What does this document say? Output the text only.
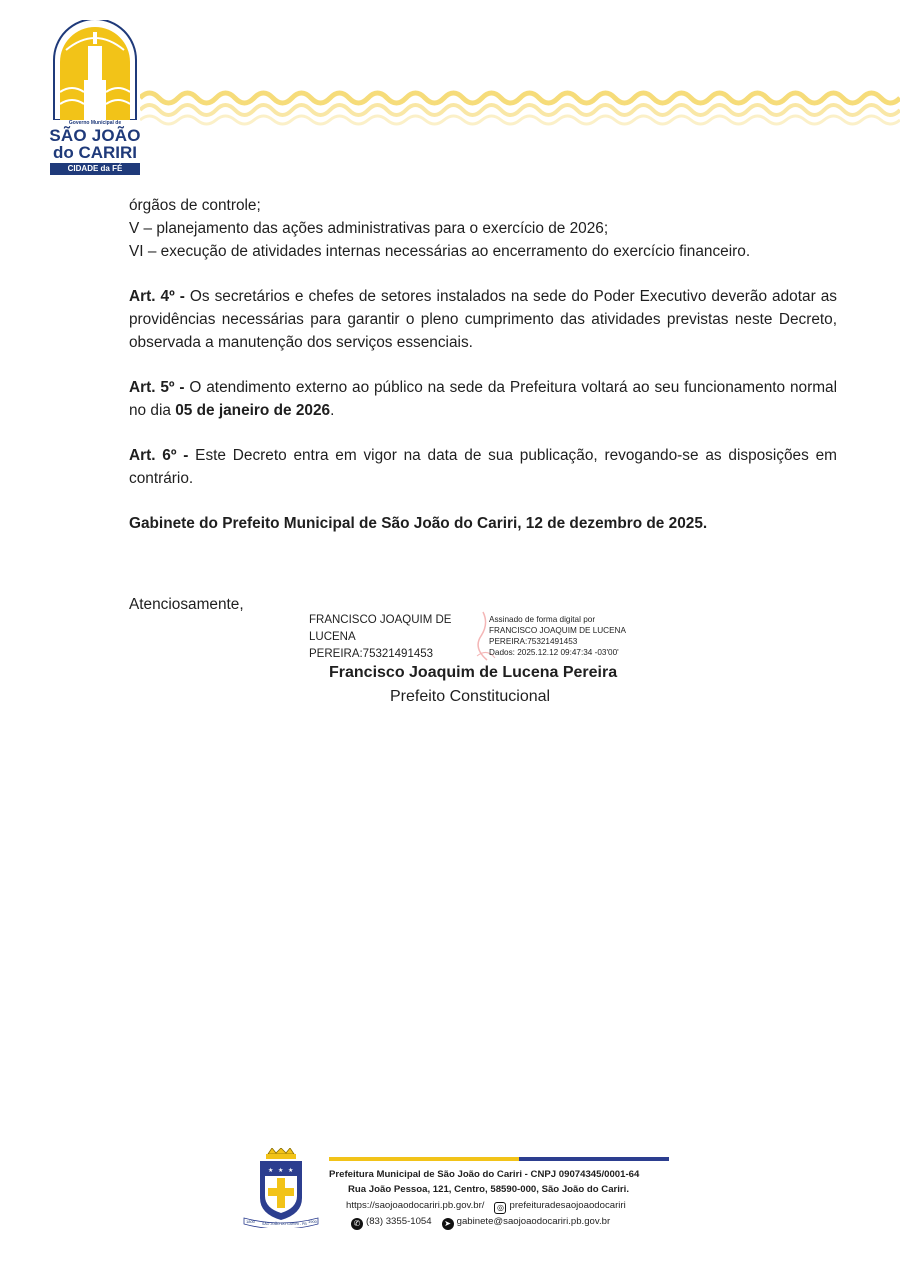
Governo Municipal de
SÃO JOÃO
do CARIRI
CIDADE da FÉ

órgãos de controle;

V – planejamento das ações administrativas para o exercício de 2026;

VI – execução de atividades internas necessárias ao encerramento do exercício financeiro.

Art. 4º - Os secretários e chefes de setores instalados na sede do Poder Executivo deverão adotar as providências necessárias para garantir o pleno cumprimento das atividades previstas neste Decreto, observada a manutenção dos serviços essenciais.

Art. 5º - O atendimento externo ao público na sede da Prefeitura voltará ao seu funcionamento normal no dia 05 de janeiro de 2026.

Art. 6º - Este Decreto entra em vigor na data de sua publicação, revogando-se as disposições em contrário.

Gabinete do Prefeito Municipal de São João do Cariri, 12 de dezembro de 2025.

Atenciosamente,
FRANCISCO JOAQUIM DE
LUCENA
PEREIRA:75321491453
Assinado de forma digital por
FRANCISCO JOAQUIM DE LUCENA
PEREIRA:75321491453
Dados: 2025.12.12 09:47:34 -03'00'
Francisco Joaquim de Lucena Pereira
Prefeito Constitucional
★ ★ ★
1800	1900
SÃO JOÃO DO CARIRI - PB
Prefeitura Municipal de São João do Cariri - CNPJ 09074345/0001-64
Rua João Pessoa, 121, Centro, 58590-000, São João do Cariri.
https://saojoaodocariri.pb.gov.br/ ◎ prefeituradesaojoaodocariri
✆ (83) 3355-1054 ➤ gabinete@saojoaodocariri.pb.gov.br
